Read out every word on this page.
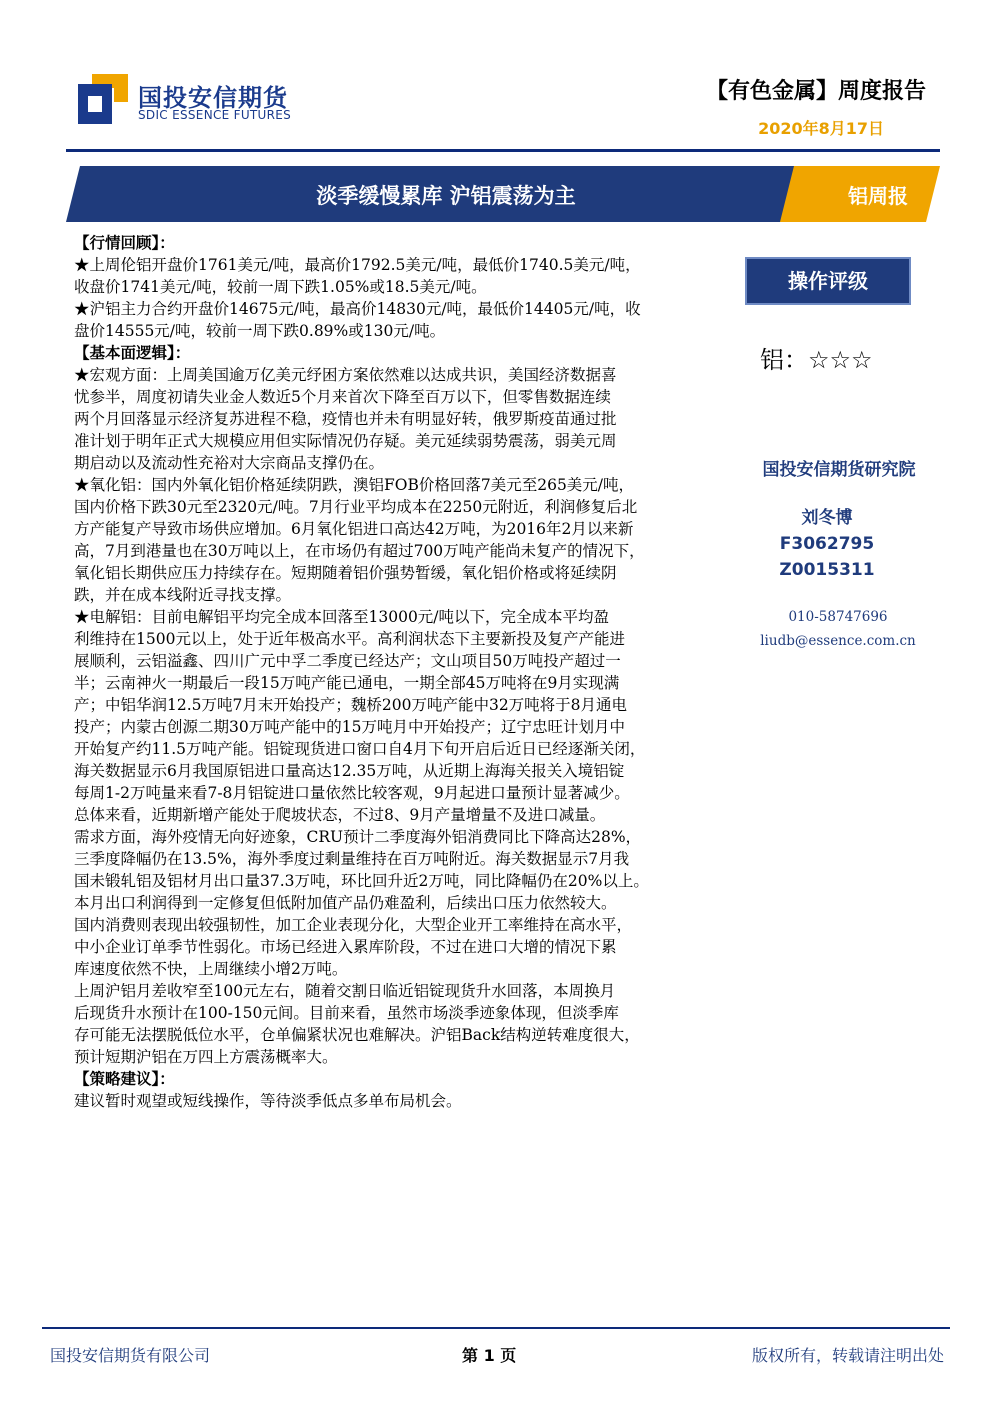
国投安信期货
SDIC ESSENCE FUTURES
【有色金属】周度报告
2020年8月17日
淡季缓慢累库 沪铝震荡为主	铝周报
【行情回顾】：
★上周伦铝开盘价1761美元/吨，最高价1792.5美元/吨，最低价1740.5美元/吨，
收盘价1741美元/吨，较前一周下跌1.05%或18.5美元/吨。
★沪铝主力合约开盘价14675元/吨，最高价14830元/吨，最低价14405元/吨，收
盘价14555元/吨，较前一周下跌0.89%或130元/吨。
【基本面逻辑】：
★宏观方面：上周美国逾万亿美元纾困方案依然难以达成共识，美国经济数据喜
忧参半，周度初请失业金人数近5个月来首次下降至百万以下，但零售数据连续
两个月回落显示经济复苏进程不稳，疫情也并未有明显好转，俄罗斯疫苗通过批
准计划于明年正式大规模应用但实际情况仍存疑。美元延续弱势震荡，弱美元周
期启动以及流动性充裕对大宗商品支撑仍在。
★氧化铝：国内外氧化铝价格延续阴跌，澳铝FOB价格回落7美元至265美元/吨，
国内价格下跌30元至2320元/吨。7月行业平均成本在2250元附近，利润修复后北
方产能复产导致市场供应增加。6月氧化铝进口高达42万吨，为2016年2月以来新
高，7月到港量也在30万吨以上，在市场仍有超过700万吨产能尚未复产的情况下，
氧化铝长期供应压力持续存在。短期随着铝价强势暂缓，氧化铝价格或将延续阴
跌，并在成本线附近寻找支撑。
★电解铝：目前电解铝平均完全成本回落至13000元/吨以下，完全成本平均盈
利维持在1500元以上，处于近年极高水平。高利润状态下主要新投及复产产能进
展顺利，云铝溢鑫、四川广元中孚二季度已经达产；文山项目50万吨投产超过一
半；云南神火一期最后一段15万吨产能已通电，一期全部45万吨将在9月实现满
产；中铝华润12.5万吨7月末开始投产；魏桥200万吨产能中32万吨将于8月通电
投产；内蒙古创源二期30万吨产能中的15万吨月中开始投产；辽宁忠旺计划月中
开始复产约11.5万吨产能。铝锭现货进口窗口自4月下旬开启后近日已经逐渐关闭，
海关数据显示6月我国原铝进口量高达12.35万吨，从近期上海海关报关入境铝锭
每周1-2万吨量来看7-8月铝锭进口量依然比较客观，9月起进口量预计显著减少。
总体来看，近期新增产能处于爬坡状态，不过8、9月产量增量不及进口减量。
需求方面，海外疫情无向好迹象，CRU预计二季度海外铝消费同比下降高达28%，
三季度降幅仍在13.5%，海外季度过剩量维持在百万吨附近。海关数据显示7月我
国未锻轧铝及铝材月出口量37.3万吨，环比回升近2万吨，同比降幅仍在20%以上。
本月出口利润得到一定修复但低附加值产品仍难盈利，后续出口压力依然较大。
国内消费则表现出较强韧性，加工企业表现分化，大型企业开工率维持在高水平，
中小企业订单季节性弱化。市场已经进入累库阶段，不过在进口大增的情况下累
库速度依然不快，上周继续小增2万吨。
上周沪铝月差收窄至100元左右，随着交割日临近铝锭现货升水回落，本周换月
后现货升水预计在100-150元间。目前来看，虽然市场淡季迹象体现，但淡季库
存可能无法摆脱低位水平，仓单偏紧状况也难解决。沪铝Back结构逆转难度很大，
预计短期沪铝在万四上方震荡概率大。
【策略建议】：
建议暂时观望或短线操作，等待淡季低点多单布局机会。
操作评级
铝：☆☆☆
国投安信期货研究院
刘冬博
F3062795
Z0015311
010-58747696
liudb@essence.com.cn
国投安信期货有限公司	第 1 页	版权所有，转载请注明出处
